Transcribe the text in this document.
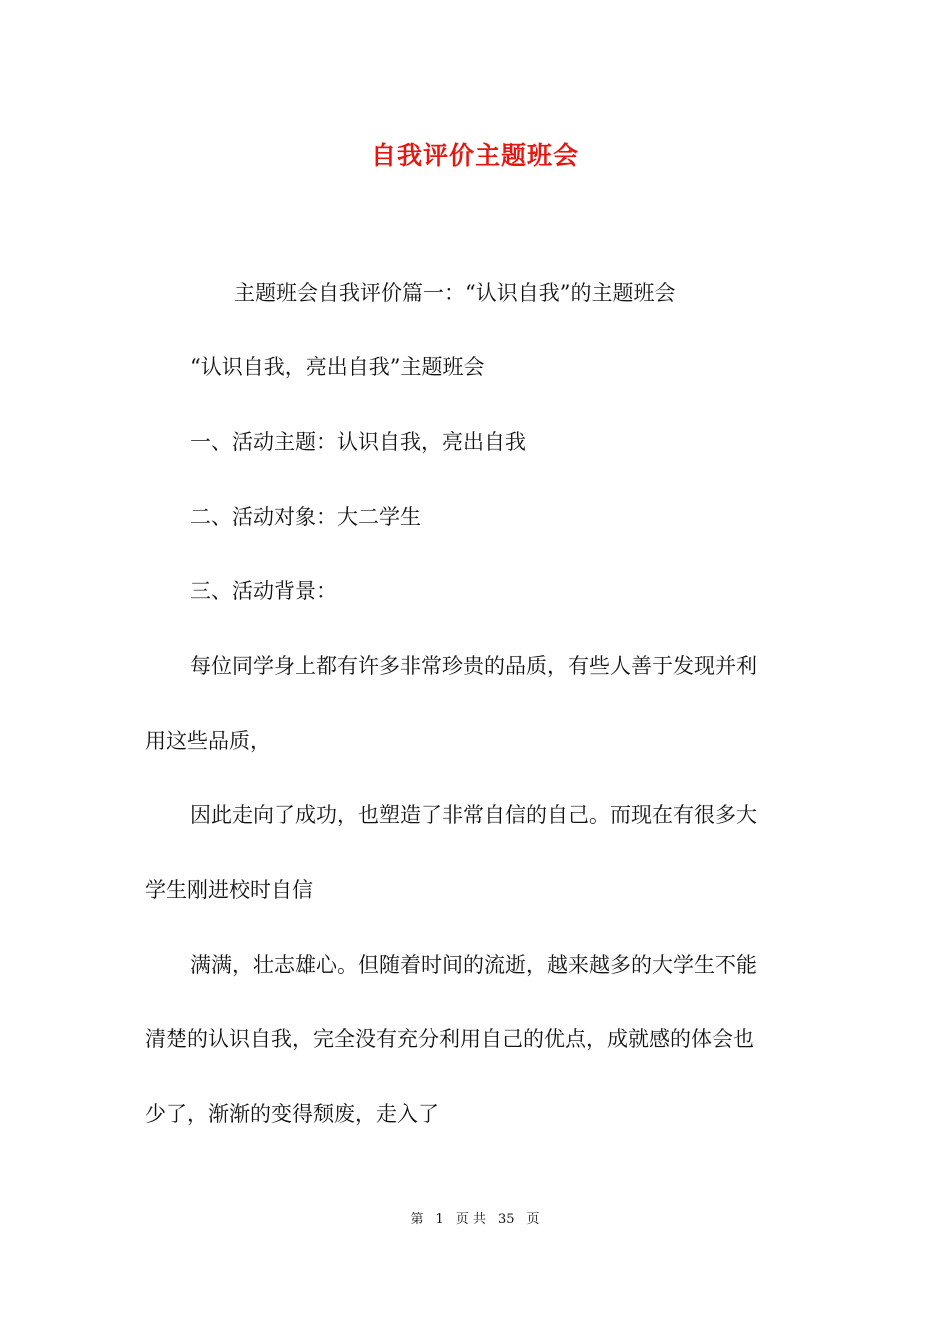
自我评价主题班会
主题班会自我评价篇一：“认识自我”的主题班会
“认识自我，亮出自我”主题班会
一、活动主题：认识自我，亮出自我
二、活动对象：大二学生
三、活动背景：
每位同学身上都有许多非常珍贵的品质，有些人善于发现并利
用这些品质，
因此走向了成功，也塑造了非常自信的自己。而现在有很多大
学生刚进校时自信
满满，壮志雄心。但随着时间的流逝，越来越多的大学生不能
清楚的认识自我，完全没有充分利用自己的优点，成就感的体会也
少了，渐渐的变得颓废，走入了
第 1 页 共 35 页
